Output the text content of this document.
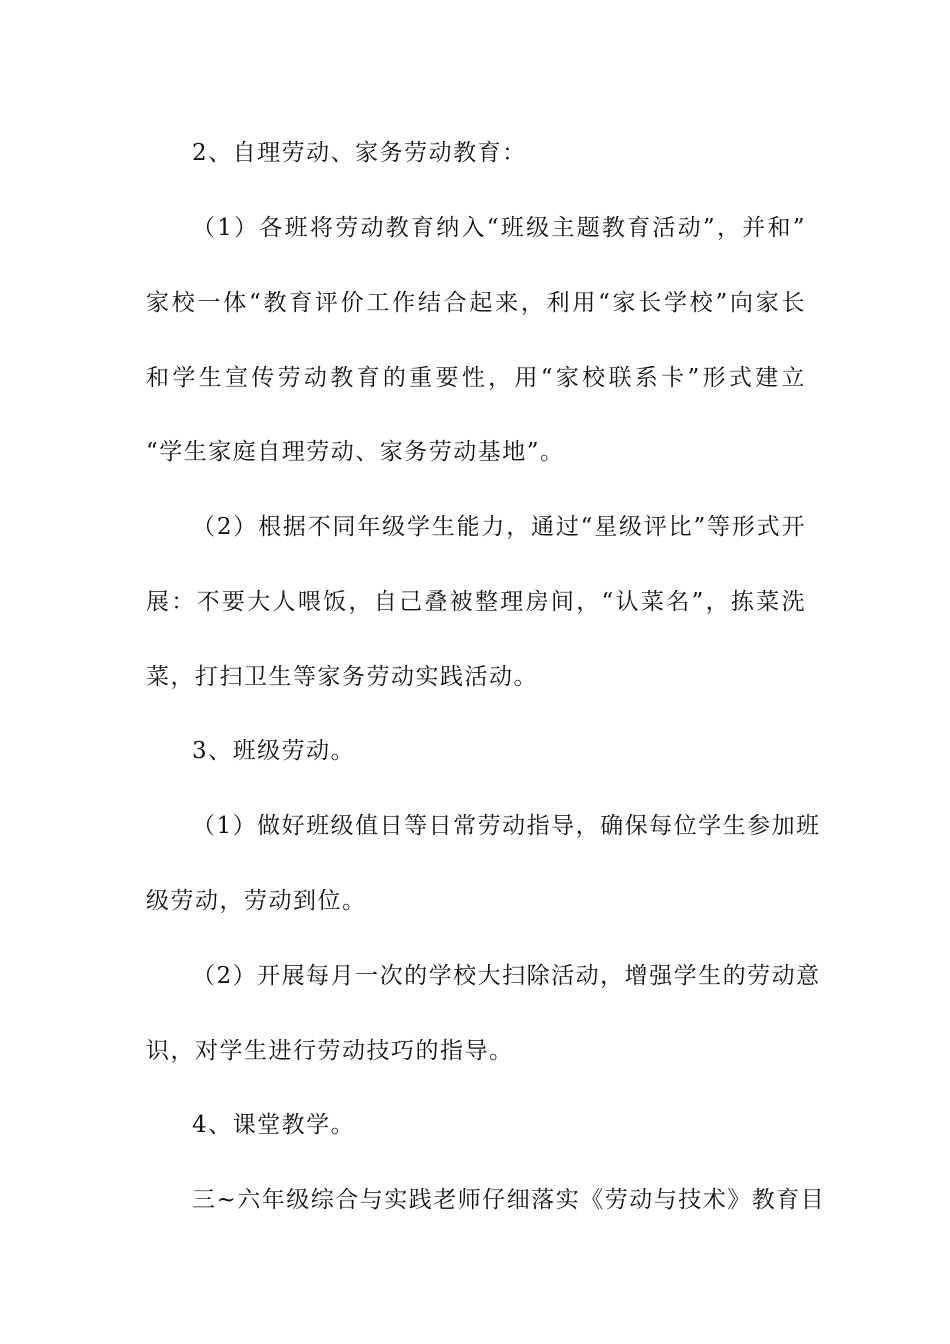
2、自理劳动、家务劳动教育：
（1）各班将劳动教育纳入“班级主题教育活动”，并和”
家校一体“教育评价工作结合起来，利用“家长学校”向家长
和学生宣传劳动教育的重要性，用“家校联系卡”形式建立
“学生家庭自理劳动、家务劳动基地”。
（2）根据不同年级学生能力，通过“星级评比”等形式开
展：不要大人喂饭，自己叠被整理房间，“认菜名”，拣菜洗
菜，打扫卫生等家务劳动实践活动。
3、班级劳动。
（1）做好班级值日等日常劳动指导，确保每位学生参加班
级劳动，劳动到位。
（2）开展每月一次的学校大扫除活动，增强学生的劳动意
识，对学生进行劳动技巧的指导。
4、课堂教学。
三~六年级综合与实践老师仔细落实《劳动与技术》教育目
